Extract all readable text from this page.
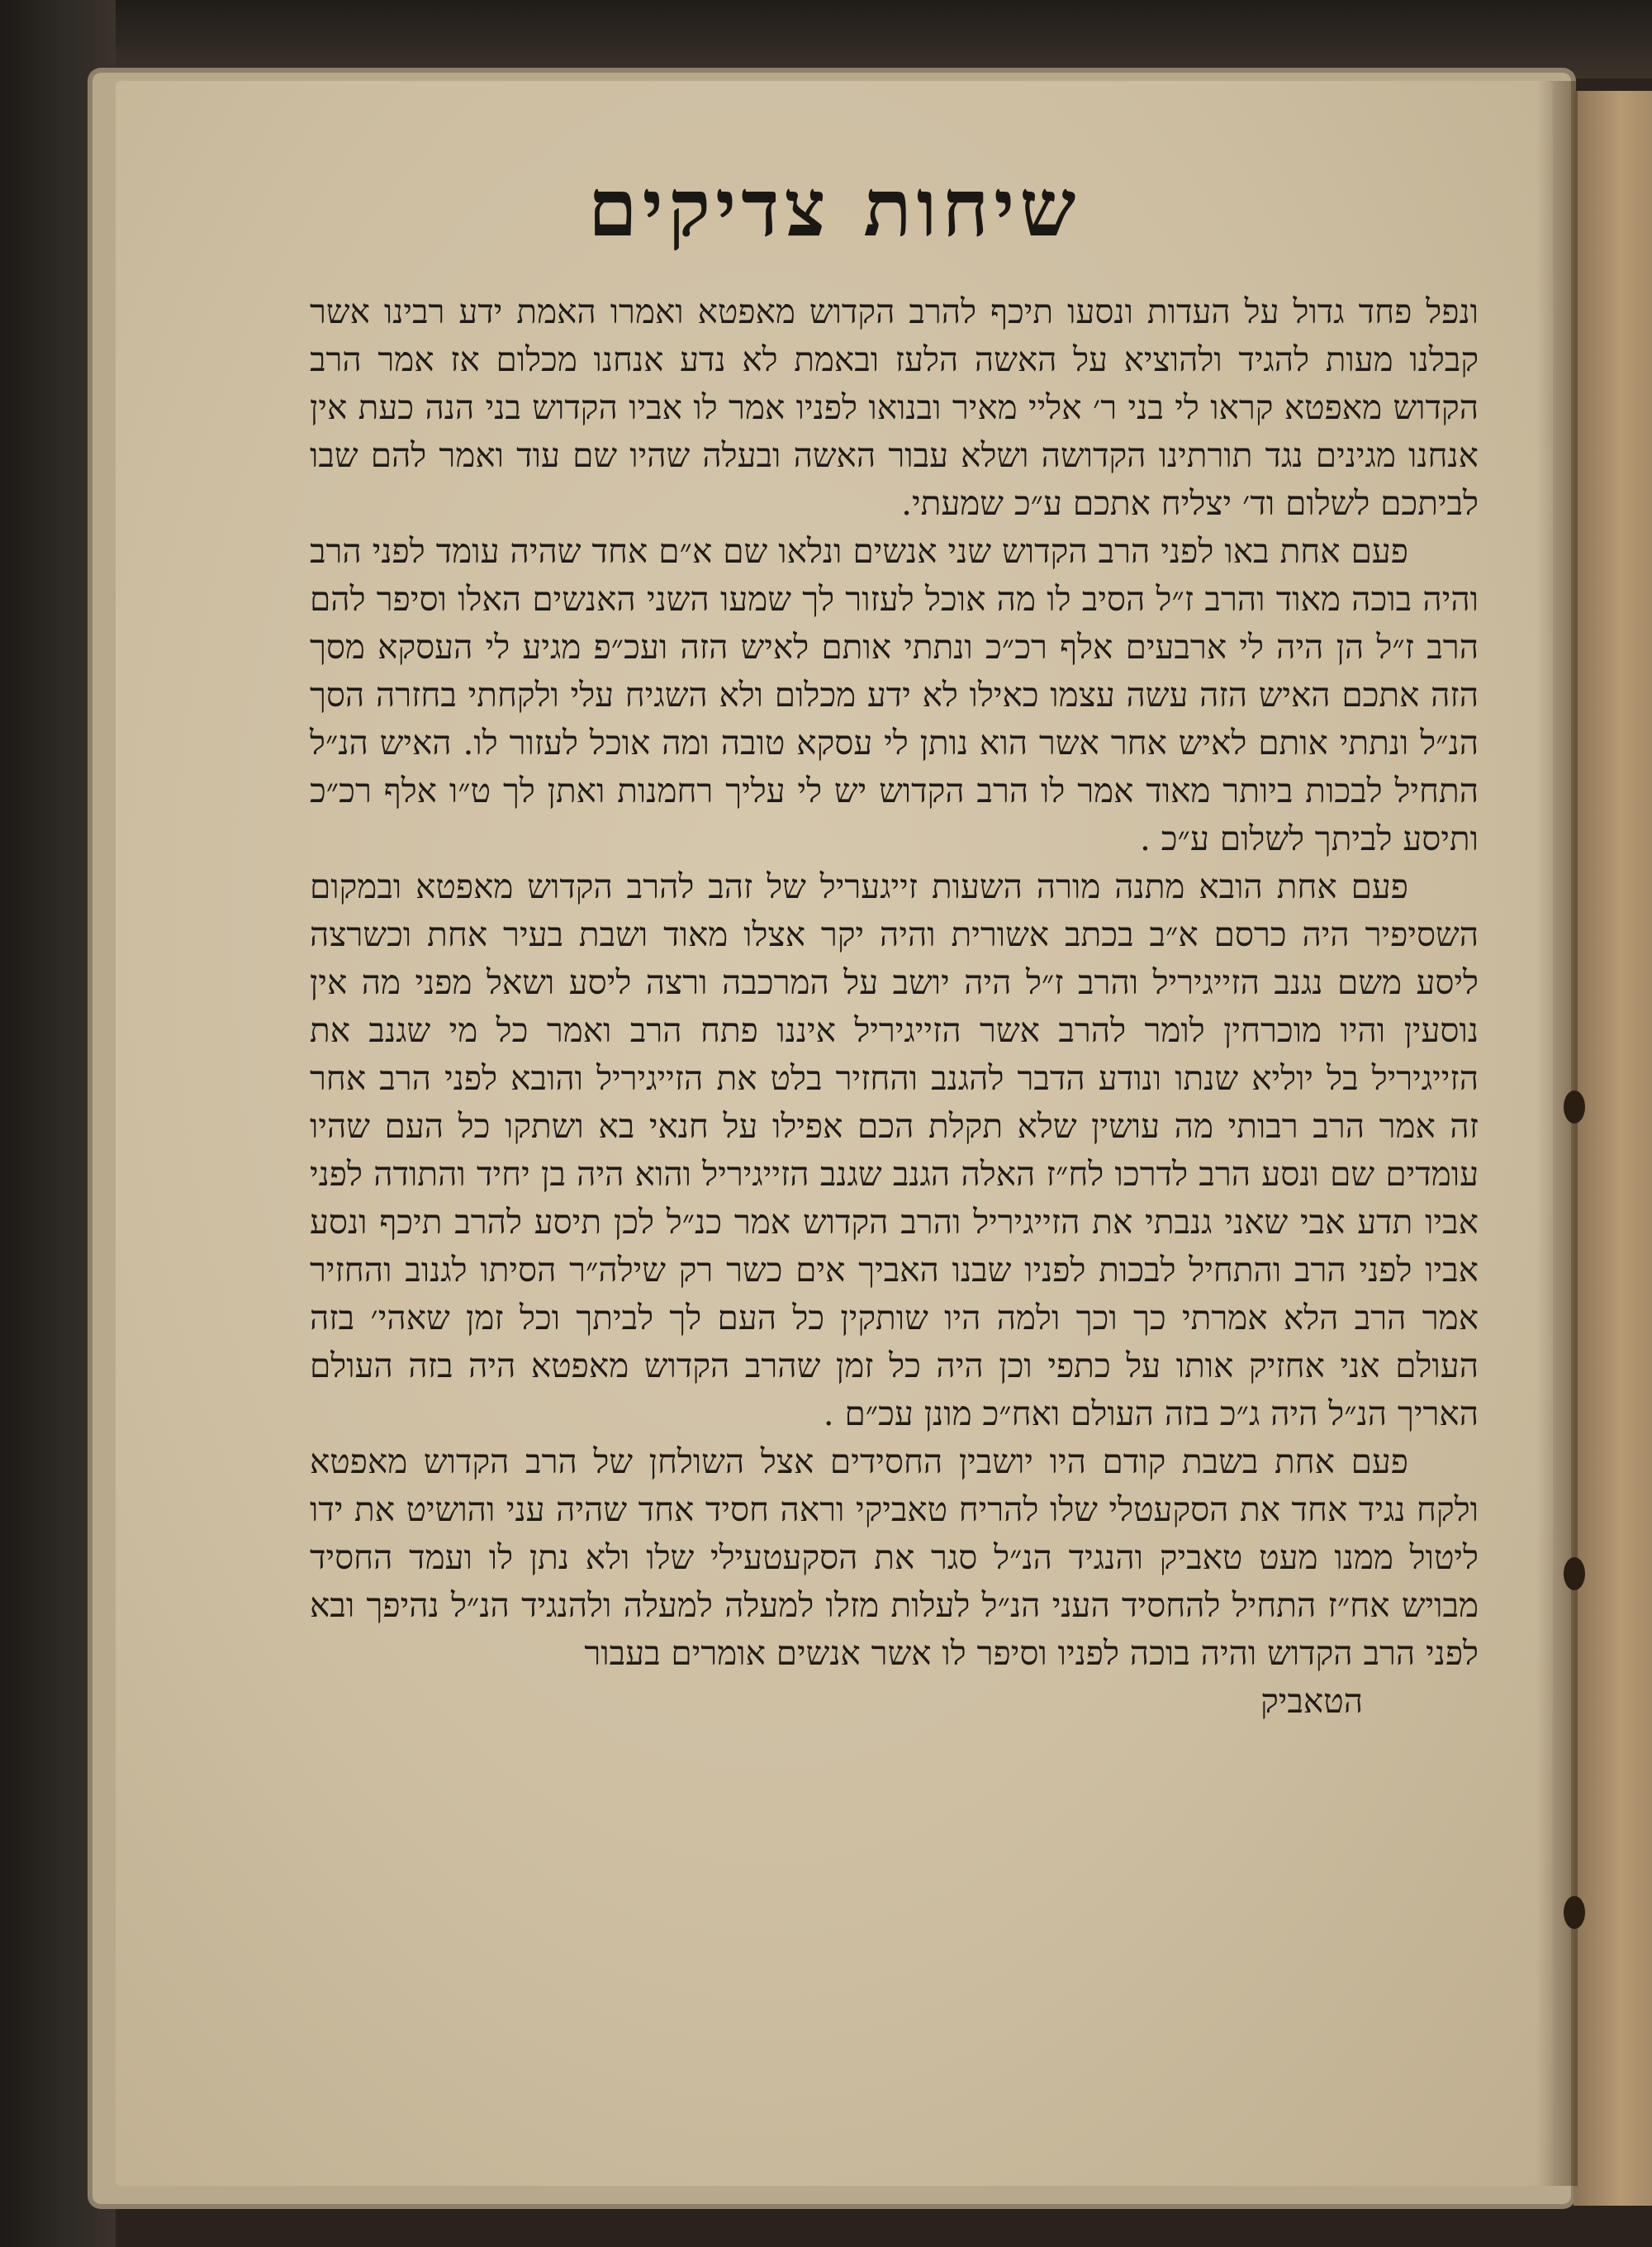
שיחות צדיקים

ונפל פחד גדול על העדות ונסעו תיכף להרב הקדוש מאפטא ואמרו האמת ידע רבינו אשר קבלנו מעות להגיד ולהוציא על האשה הלעז ובאמת לא נדע אנחנו מכלום אז אמר הרב הקדוש מאפטא קראו לי בני ר׳ אליי מאיר ובנואו לפניו אמר לו אביו הקדוש בני הנה כעת אין אנחנו מגינים נגד תורתינו הקדושה ושלא עבור האשה ובעלה שהיו שם עוד ואמר להם שבו לביתכם לשלום וד׳ יצליח אתכם ע״כ שמעתי.

פעם אחת באו לפני הרב הקדוש שני אנשים ונלאו שם א״ם אחד שהיה עומד לפני הרב והיה בוכה מאוד והרב ז״ל הסיב לו מה אוכל לעזור לך שמעו השני האנשים האלו וסיפר להם הרב ז״ל הן היה לי ארבעים אלף רכ״כ ונתתי אותם לאיש הזה ועכ״פ מגיע לי העסקא מסך הזה אתכם האיש הזה עשה עצמו כאילו לא ידע מכלום ולא השגיח עלי ולקחתי בחזרה הסך הנ״ל ונתתי אותם לאיש אחר אשר הוא נותן לי עסקא טובה ומה אוכל לעזור לו. האיש הנ״ל התחיל לבכות ביותר מאוד אמר לו הרב הקדוש יש לי עליך רחמנות ואתן לך ט״ו אלף רכ״כ ותיסע לביתך לשלום ע״כ .

פעם אחת הובא מתנה מורה השעות זייגעריל של זהב להרב הקדוש מאפטא ובמקום השסיפיר היה כרסם א״ב בכתב אשורית והיה יקר אצלו מאוד ושבת בעיר אחת וכשרצה ליסע משם נגנב הזייגיריל והרב ז״ל היה יושב על המרכבה ורצה ליסע ושאל מפני מה אין נוסעין והיו מוכרחין לומר להרב אשר הזייגיריל איננו פתח הרב ואמר כל מי שגנב את הזייגיריל בל יוליא שנתו ונודע הדבר להגנב והחזיר בלט את הזייגיריל והובא לפני הרב אחר זה אמר הרב רבותי מה עושין שלא תקלת הכם אפילו על חנאי בא ושתקו כל העם שהיו עומדים שם ונסע הרב לדרכו לח״ז האלה הגנב שגנב הזייגיריל והוא היה בן יחיד והתודה לפני אביו תדע אבי שאני גנבתי את הזייגיריל והרב הקדוש אמר כנ״ל לכן תיסע להרב תיכף ונסע אביו לפני הרב והתחיל לבכות לפניו שבנו האביך אים כשר רק שילה״ר הסיתו לגנוב והחזיר אמר הרב הלא אמרתי כך וכך ולמה היו שותקין כל העם לך לביתך וכל זמן שאהי׳ בזה העולם אני אחזיק אותו על כתפי וכן היה כל זמן שהרב הקדוש מאפטא היה בזה העולם האריך הנ״ל היה ג״כ בזה העולם ואח״כ מונן עכ״ם .

פעם אחת בשבת קודם היו יושבין החסידים אצל השולחן של הרב הקדוש מאפטא ולקח נגיד אחד את הסקעטלי שלו להריח טאביקי וראה חסיד אחד שהיה עני והושיט את ידו ליטול ממנו מעט טאביק והנגיד הנ״ל סגר את הסקעטעילי שלו ולא נתן לו ועמד החסיד מבויש אח״ז התחיל להחסיד העני הנ״ל לעלות מזלו למעלה למעלה ולהנגיד הנ״ל נהיפך ובא לפני הרב הקדוש והיה בוכה לפניו וסיפר לו אשר אנשים אומרים בעבור

הטאביק
